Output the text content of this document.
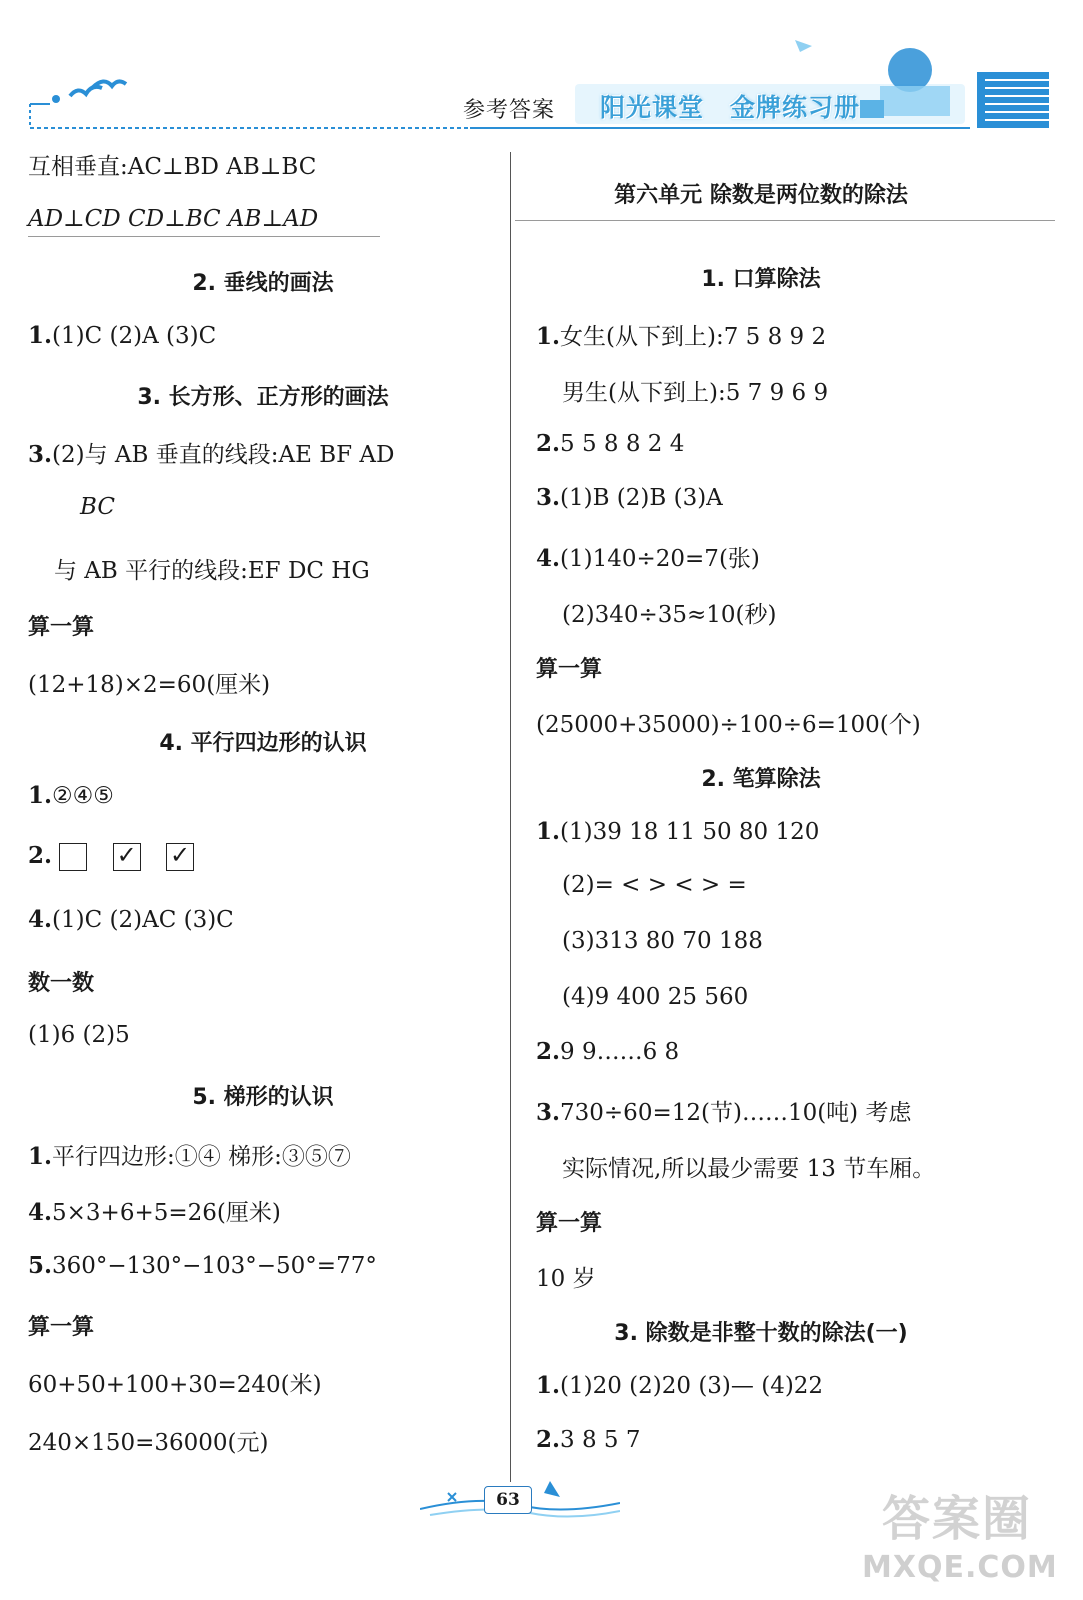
参考答案 阳光课堂 金牌练习册
互相垂直:AC⊥BD AB⊥BC
AD⊥CD CD⊥BC AB⊥AD
2. 垂线的画法
1.(1)C (2)A (3)C
3. 长方形、正方形的画法
3.(2)与 AB 垂直的线段:AE BF AD
BC
与 AB 平行的线段:EF DC HG
算一算
(12+18)×2=60(厘米)
4. 平行四边形的认识
1.②④⑤
2.	✓
✓
4.(1)C (2)AC (3)C
数一数
(1)6 (2)5
5. 梯形的认识
1.平行四边形:①④ 梯形:③⑤⑦
4.5×3+6+5=26(厘米)
5.360°−130°−103°−50°=77°
算一算
60+50+100+30=240(米)
240×150=36000(元)
第六单元 除数是两位数的除法
1. 口算除法
1.女生(从下到上):7 5 8 9 2
男生(从下到上):5 7 9 6 9
2.5 5 8 8 2 4
3.(1)B (2)B (3)A
4.(1)140÷20=7(张)
(2)340÷35≈10(秒)
算一算
(25000+35000)÷100÷6=100(个)
2. 笔算除法
1.(1)39 18 11 50 80 120
(2)= < > < > =
(3)313 80 70 188
(4)9 400 25 560
2.9 9……6 8
3.730÷60=12(节)……10(吨) 考虑
实际情况,所以最少需要 13 节车厢。
算一算
10 岁
3. 除数是非整十数的除法(一)
1.(1)20 (2)20 (3)— (4)22
2.3 8 5 7
63	答案圈
MXQE.COM
